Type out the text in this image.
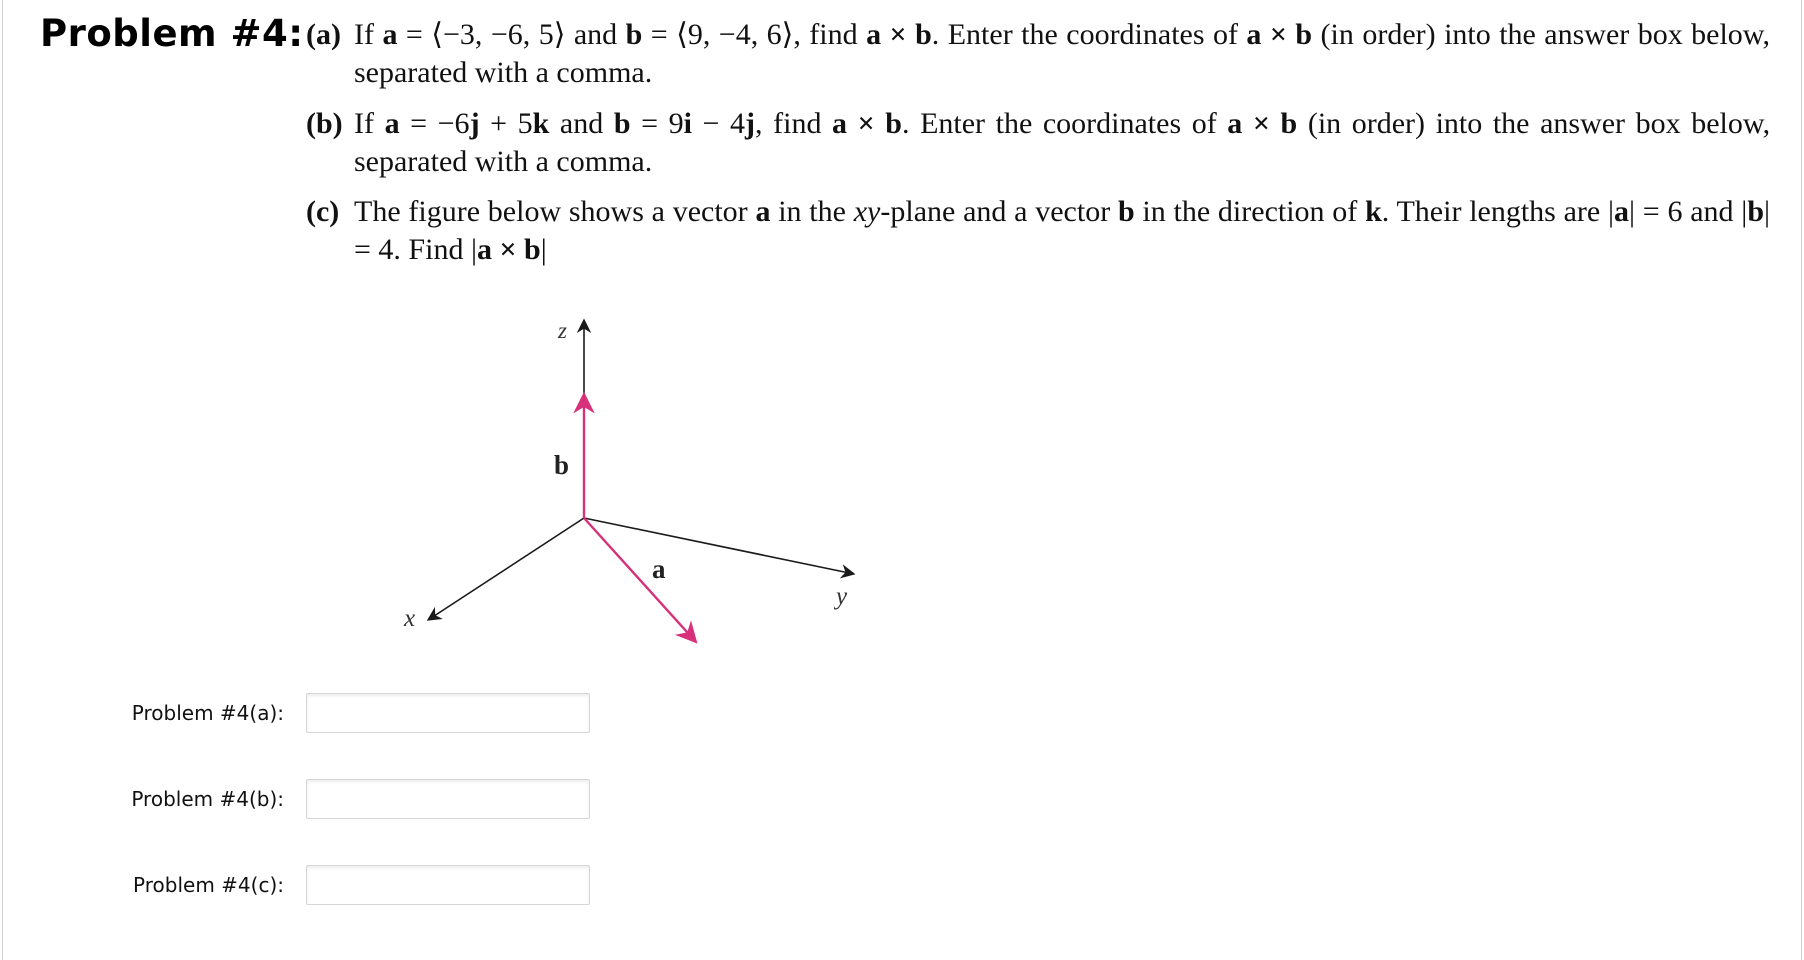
Problem #4: (a) If a = ⟨−3, −6, 5⟩ and b = ⟨9, −4, 6⟩, find a × b. Enter the coordinates of a × b (in order) into the answer box below, separated with a comma.
(b) If a = −6j + 5k and b = 9i − 4j, find a × b. Enter the coordinates of a × b (in order) into the answer box below, separated with a comma.
(c) The figure below shows a vector a in the xy-plane and a vector b in the direction of k. Their lengths are |a| = 6 and |b| = 4. Find |a × b|
z
y
x
b
a
Problem #4(a):
Problem #4(b):
Problem #4(c):
